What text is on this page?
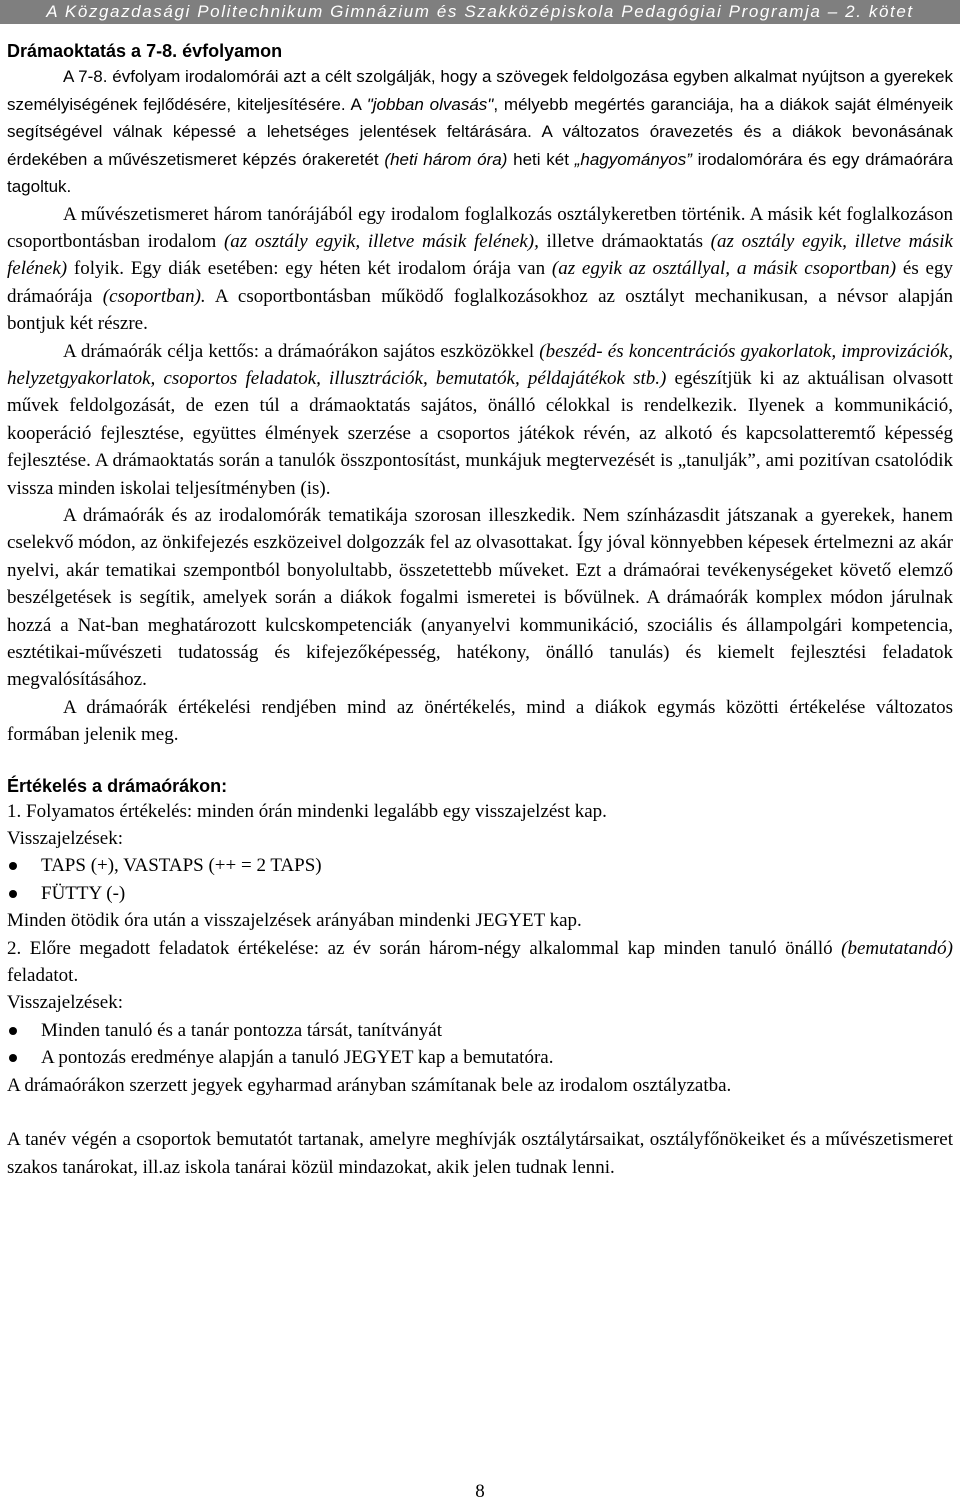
A Közgazdasági Politechnikum Gimnázium és Szakközépiskola Pedagógiai Programja – 2. kötet
Drámaoktatás a 7-8. évfolyamon

A 7-8. évfolyam irodalomórái azt a célt szolgálják, hogy a szövegek feldolgozása egyben alkalmat nyújtson a gyerekek személyiségének fejlődésére, kiteljesítésére. A "jobban olvasás", mélyebb megértés garanciája, ha a diákok saját élményeik segítségével válnak képessé a lehetséges jelentések feltárására. A változatos óravezetés és a diákok bevonásának érdekében a művészetismeret képzés órakeretét (heti három óra) heti két „hagyományos” irodalomórára és egy drámaórára tagoltuk.

A művészetismeret három tanórájából egy irodalom foglalkozás osztálykeretben történik. A másik két foglalkozáson csoportbontásban irodalom (az osztály egyik, illetve másik felének), illetve drámaoktatás (az osztály egyik, illetve másik felének) folyik. Egy diák esetében: egy héten két irodalom órája van (az egyik az osztállyal, a másik csoportban) és egy drámaórája (csoportban). A csoportbontásban működő foglalkozásokhoz az osztályt mechanikusan, a névsor alapján bontjuk két részre.

A drámaórák célja kettős: a drámaórákon sajátos eszközökkel (beszéd- és koncentrációs gyakorlatok, improvizációk, helyzetgyakorlatok, csoportos feladatok, illusztrációk, bemutatók, példajátékok stb.) egészítjük ki az aktuálisan olvasott művek feldolgozását, de ezen túl a drámaoktatás sajátos, önálló célokkal is rendelkezik. Ilyenek a kommunikáció, kooperáció fejlesztése, együttes élmények szerzése a csoportos játékok révén, az alkotó és kapcsolatteremtő képesség fejlesztése. A drámaoktatás során a tanulók összpontosítást, munkájuk megtervezését is „tanulják”, ami pozitívan csatolódik vissza minden iskolai teljesítményben (is).

A drámaórák és az irodalomórák tematikája szorosan illeszkedik. Nem színházasdit játszanak a gyerekek, hanem cselekvő módon, az önkifejezés eszközeivel dolgozzák fel az olvasottakat. Így jóval könnyebben képesek értelmezni az akár nyelvi, akár tematikai szempontból bonyolultabb, összetettebb műveket. Ezt a drámaórai tevékenységeket követő elemző beszélgetések is segítik, amelyek során a diákok fogalmi ismeretei is bővülnek. A drámaórák komplex módon járulnak hozzá a Nat-ban meghatározott kulcskompetenciák (anyanyelvi kommunikáció, szociális és állampolgári kompetencia, esztétikai-művészeti tudatosság és kifejezőképesség, hatékony, önálló tanulás) és kiemelt fejlesztési feladatok megvalósításához.

A drámaórák értékelési rendjében mind az önértékelés, mind a diákok egymás közötti értékelése változatos formában jelenik meg.

Értékelés a drámaórákon:

1. Folyamatos értékelés: minden órán mindenki legalább egy visszajelzést kap.

Visszajelzések:

TAPS (+), VASTAPS (++ = 2 TAPS)
FÜTTY (-)

Minden ötödik óra után a visszajelzések arányában mindenki JEGYET kap.

2. Előre megadott feladatok értékelése: az év során három-négy alkalommal kap minden tanuló önálló (bemutatandó) feladatot.

Visszajelzések:

Minden tanuló és a tanár pontozza társát, tanítványát
A pontozás eredménye alapján a tanuló JEGYET kap a bemutatóra.

A drámaórákon szerzett jegyek egyharmad arányban számítanak bele az irodalom osztályzatba.

A tanév végén a csoportok bemutatót tartanak, amelyre meghívják osztálytársaikat, osztályfőnökeiket és a művészetismeret szakos tanárokat, ill.az iskola tanárai közül mindazokat, akik jelen tudnak lenni.

8
